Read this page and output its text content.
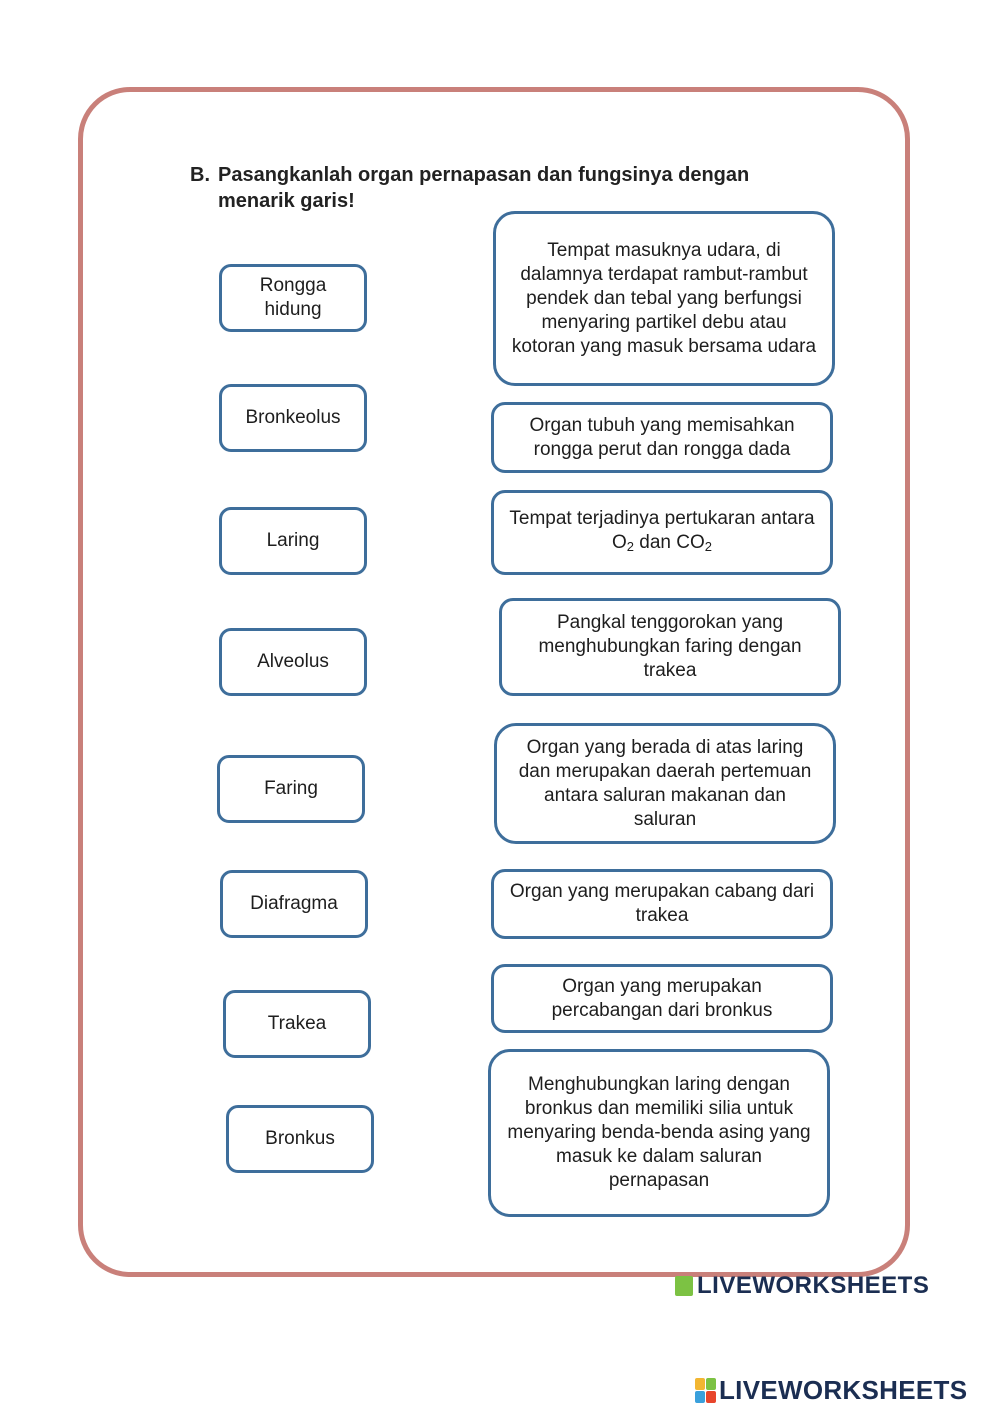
B. Pasangkanlah organ pernapasan dan fungsinya dengan menarik garis!
Rongga
hidung
Bronkeolus
Laring
Alveolus
Faring
Diafragma
Trakea
Bronkus
Tempat masuknya udara, di dalamnya terdapat rambut-rambut pendek dan tebal yang berfungsi menyaring partikel debu atau kotoran yang masuk bersama udara
Organ tubuh yang memisahkan rongga perut dan rongga dada
Tempat terjadinya pertukaran antara $O_2$ dan $CO_2$
Pangkal tenggorokan yang menghubungkan faring dengan trakea
Organ yang berada di atas laring dan merupakan daerah pertemuan antara saluran makanan dan saluran
Organ yang merupakan cabang dari trakea
Organ yang merupakan percabangan dari bronkus
Menghubungkan laring dengan bronkus dan memiliki silia untuk menyaring benda-benda asing yang masuk ke dalam saluran pernapasan
LIVEWORKSHEETS
LIVEWORKSHEETS
